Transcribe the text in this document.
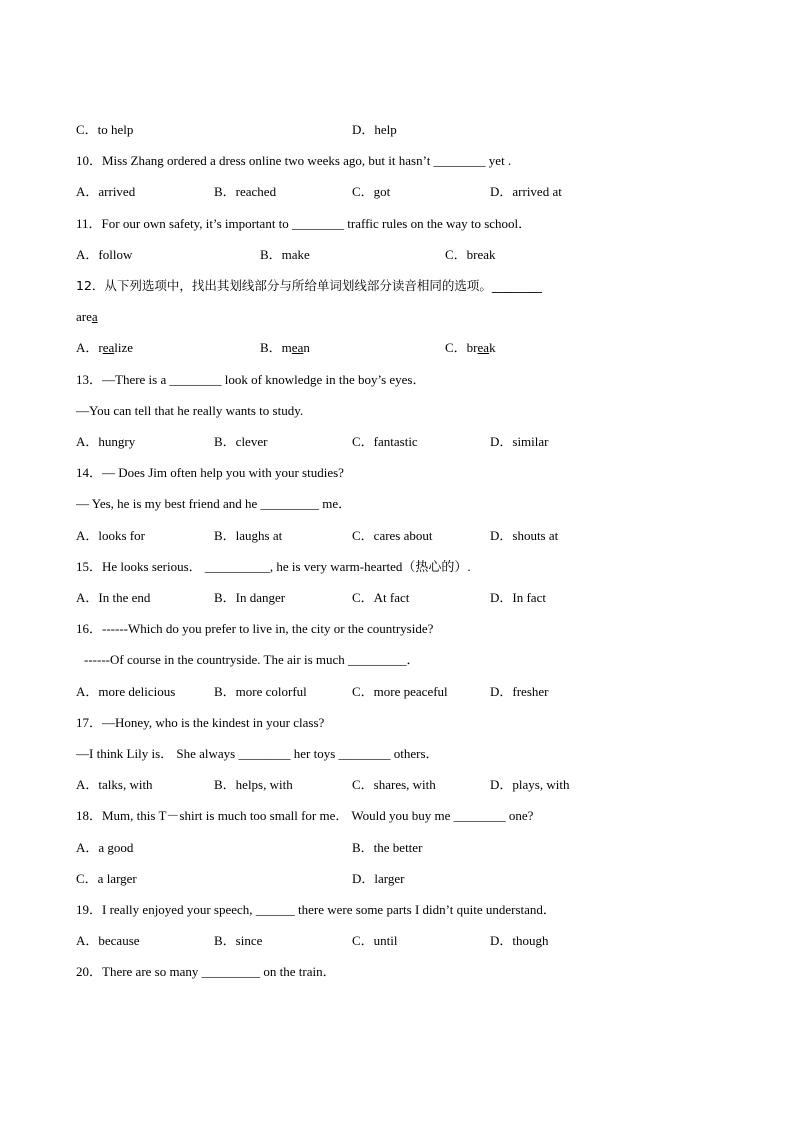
C．to help	D．help
10．Miss Zhang ordered a dress online two weeks ago, but it hasn’t ________ yet .
A．arrived	B．reached	C．got	D．arrived at
11．For our own safety, it’s important to ________ traffic rules on the way to school．
A．follow	B．make	C．break
12．从下列选项中，找出其划线部分与所给单词划线部分读音相同的选项。________
area
A．realize	B．mean	C．break
13．—There is a ________ look of knowledge in the boy’s eyes．
—You can tell that he really wants to study.
A．hungry	B．clever	C．fantastic	D．similar
14．— Does Jim often help you with your studies?
— Yes, he is my best friend and he _________ me．
A．looks for	B．laughs at	C．cares about	D．shouts at
15．He looks serious． __________, he is very warm-hearted（热心的）.
A．In the end	B．In danger	C．At fact	D．In fact
16．------Which do you prefer to live in, the city or the countryside?
------Of course in the countryside. The air is much _________．
A．more delicious	B．more colorful	C．more peaceful	D．fresher
17．—Honey, who is the kindest in your class?
—I think Lily is． She always ________ her toys ________ others．
A．talks, with	B．helps, with	C．shares, with	D．plays, with
18．Mum, this T－shirt is much too small for me． Would you buy me ________ one?
A．a good	B．the better
C．a larger	D．larger
19．I really enjoyed your speech, ______ there were some parts I didn’t quite understand．
A．because	B．since	C．until	D．though
20．There are so many _________ on the train．
